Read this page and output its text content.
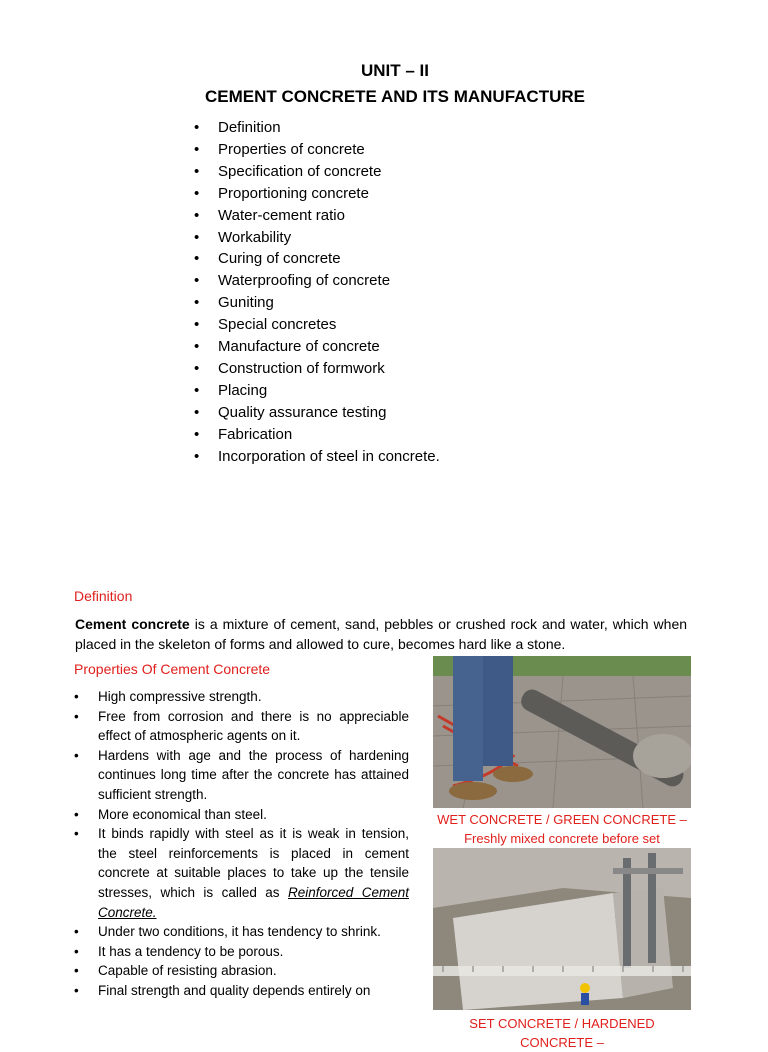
UNIT – II
CEMENT CONCRETE AND ITS MANUFACTURE
• Definition
• Properties of concrete
• Specification of concrete
• Proportioning concrete
• Water-cement ratio
• Workability
• Curing of concrete
• Waterproofing of concrete
• Guniting
• Special concretes
• Manufacture of concrete
• Construction of formwork
• Placing
• Quality assurance testing
• Fabrication
• Incorporation of steel in concrete.
Definition
Cement concrete is a mixture of cement, sand, pebbles or crushed rock and water, which when placed in the skeleton of forms and allowed to cure, becomes hard like a stone.
Properties Of Cement Concrete
• High compressive strength.
• Free from corrosion and there is no appreciable effect of atmospheric agents on it.
• Hardens with age and the process of hardening continues long time after the concrete has attained sufficient strength.
• More economical than steel.
• It binds rapidly with steel as it is weak in tension, the steel reinforcements is placed in cement concrete at suitable places to take up the tensile stresses, which is called as Reinforced Cement Concrete.
• Under two conditions, it has tendency to shrink.
• It has a tendency to be porous.
• Capable of resisting abrasion.
• Final strength and quality depends entirely on
WET CONCRETE / GREEN CONCRETE –
Freshly mixed concrete before set
SET CONCRETE / HARDENED CONCRETE –
